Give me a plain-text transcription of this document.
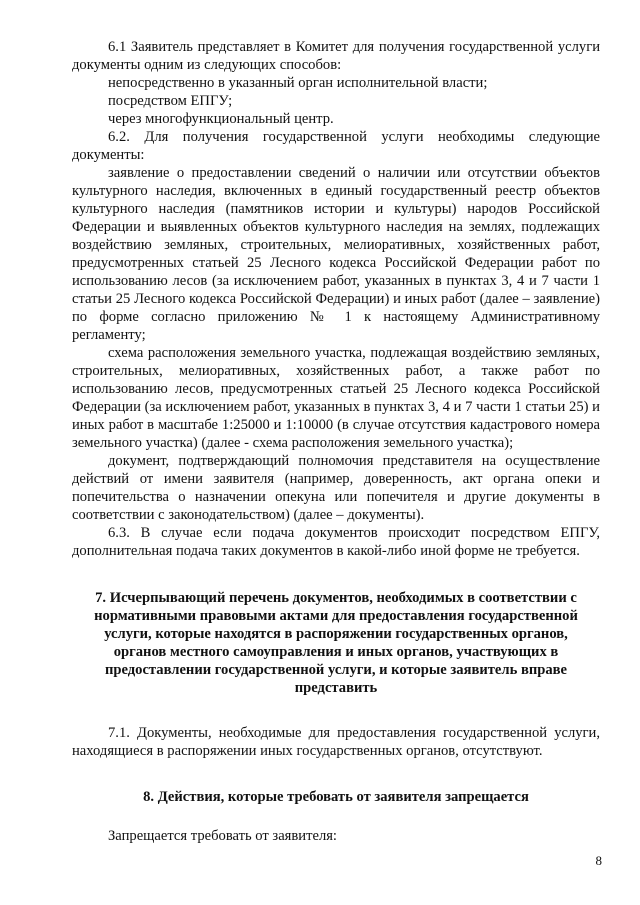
6.1 Заявитель представляет в Комитет для получения государственной услуги документы одним из следующих способов:

непосредственно в указанный орган исполнительной власти;

посредством ЕПГУ;

через многофункциональный центр.

6.2. Для получения государственной услуги необходимы следующие документы:

заявление о предоставлении сведений о наличии или отсутствии объектов культурного наследия, включенных в единый государственный реестр объектов культурного наследия (памятников истории и культуры) народов Российской Федерации и выявленных объектов культурного наследия на землях, подлежащих воздействию земляных, строительных, мелиоративных, хозяйственных работ, предусмотренных статьей 25 Лесного кодекса Российской Федерации работ по использованию лесов (за исключением работ, указанных в пунктах 3, 4 и 7 части 1 статьи 25 Лесного кодекса Российской Федерации) и иных работ (далее – заявление) по форме согласно приложению № 1 к настоящему Административному регламенту;

схема расположения земельного участка, подлежащая воздействию земляных, строительных, мелиоративных, хозяйственных работ, а также работ по использованию лесов, предусмотренных статьей 25 Лесного кодекса Российской Федерации (за исключением работ, указанных в пунктах 3, 4 и 7 части 1 статьи 25) и иных работ в масштабе 1:25000 и 1:10000 (в случае отсутствия кадастрового номера земельного участка) (далее - схема расположения земельного участка);

документ, подтверждающий полномочия представителя на осуществление действий от имени заявителя (например, доверенность, акт органа опеки и попечительства о назначении опекуна или попечителя и другие документы в соответствии с законодательством) (далее – документы).

6.3. В случае если подача документов происходит посредством ЕПГУ, дополнительная подача таких документов в какой-либо иной форме не требуется.

7. Исчерпывающий перечень документов, необходимых в соответствии с нормативными правовыми актами для предоставления государственной услуги, которые находятся в распоряжении государственных органов, органов местного самоуправления и иных органов, участвующих в предоставлении государственной услуги, и которые заявитель вправе представить

7.1. Документы, необходимые для предоставления государственной услуги, находящиеся в распоряжении иных государственных органов, отсутствуют.

8. Действия, которые требовать от заявителя запрещается

Запрещается требовать от заявителя:

8
